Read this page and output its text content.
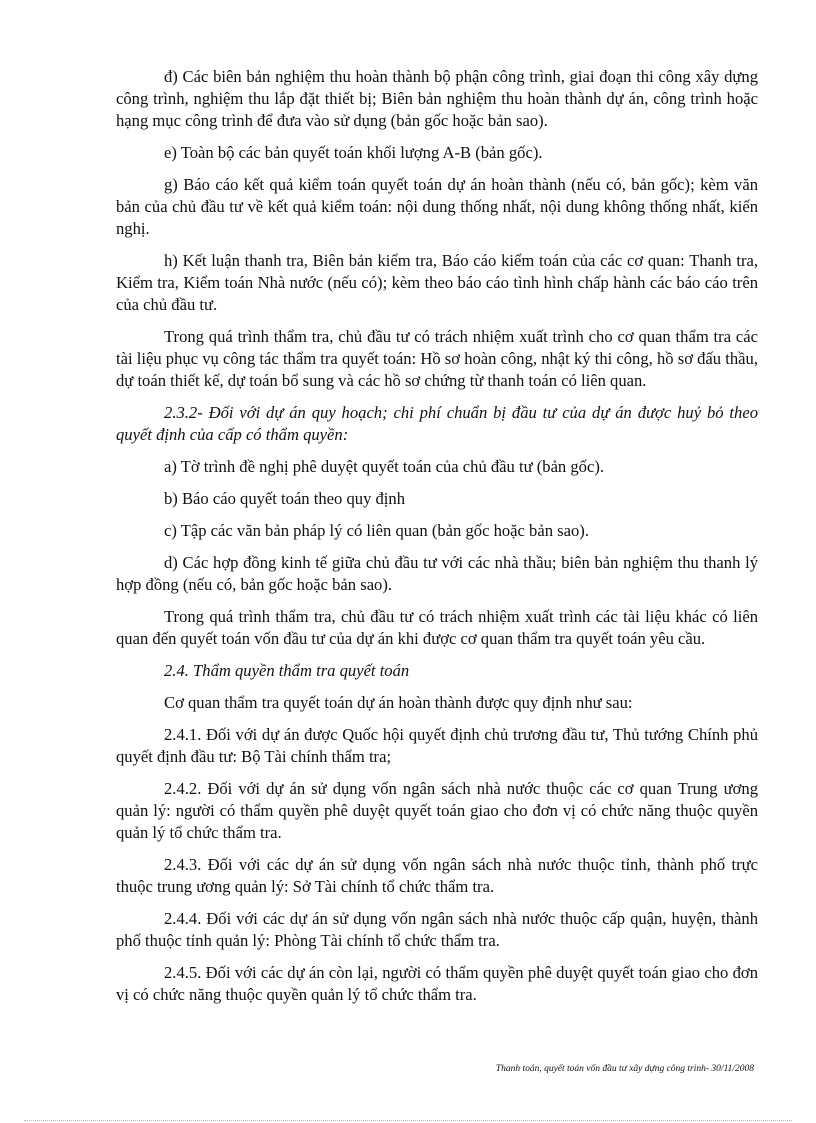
đ) Các biên bản nghiệm thu hoàn thành bộ phận công trình, giai đoạn thi công xây dựng công trình, nghiệm thu lắp đặt thiết bị; Biên bản nghiệm thu hoàn thành dự án, công trình hoặc hạng mục công trình để đưa vào sử dụng (bản gốc hoặc bản sao).

e) Toàn bộ các bản quyết toán khối lượng A-B (bản gốc).

g) Báo cáo kết quả kiểm toán quyết toán dự án hoàn thành (nếu có, bản gốc); kèm văn bản của chủ đầu tư về kết quả kiểm toán: nội dung thống nhất, nội dung không thống nhất, kiến nghị.

h) Kết luận thanh tra, Biên bản kiểm tra, Báo cáo kiểm toán của các cơ quan: Thanh tra, Kiểm tra, Kiểm toán Nhà nước (nếu có); kèm theo báo cáo tình hình chấp hành các báo cáo trên của chủ đầu tư.

Trong quá trình thẩm tra, chủ đầu tư có trách nhiệm xuất trình cho cơ quan thẩm tra các tài liệu phục vụ công tác thẩm tra quyết toán: Hồ sơ hoàn công, nhật ký thi công, hồ sơ đấu thầu, dự toán thiết kế, dự toán bổ sung và các hồ sơ chứng từ thanh toán có liên quan.

2.3.2- Đối với dự án quy hoạch; chi phí chuẩn bị đầu tư của dự án được huỷ bỏ theo quyết định của cấp có thẩm quyền:

a) Tờ trình đề nghị phê duyệt quyết toán của chủ đầu tư (bản gốc).

b) Báo cáo quyết toán theo quy định

c) Tập các văn bản pháp lý có liên quan (bản gốc hoặc bản sao).

d) Các hợp đồng kinh tế giữa chủ đầu tư với các nhà thầu; biên bản nghiệm thu thanh lý hợp đồng (nếu có, bản gốc hoặc bản sao).

Trong quá trình thẩm tra, chủ đầu tư có trách nhiệm xuất trình các tài liệu khác có liên quan đến quyết toán vốn đầu tư của dự án khi được cơ quan thẩm tra quyết toán yêu cầu.

2.4. Thẩm quyền thẩm tra quyết toán

Cơ quan thẩm tra quyết toán dự án hoàn thành được quy định như sau:

2.4.1. Đối với dự án được Quốc hội quyết định chủ trương đầu tư, Thủ tướng Chính phủ quyết định đầu tư: Bộ Tài chính thẩm tra;

2.4.2. Đối với dự án sử dụng vốn ngân sách nhà nước thuộc các cơ quan Trung ương quản lý: người có thẩm quyền phê duyệt quyết toán giao cho đơn vị có chức năng thuộc quyền quản lý tổ chức thẩm tra.

2.4.3. Đối với các dự án sử dụng vốn ngân sách nhà nước thuộc tỉnh, thành phố trực thuộc trung ương quản lý: Sở Tài chính tổ chức thẩm tra.

2.4.4. Đối với các dự án sử dụng vốn ngân sách nhà nước thuộc cấp quận, huyện, thành phố thuộc tỉnh quản lý: Phòng Tài chính tổ chức thẩm tra.

2.4.5. Đối với các dự án còn lại, người có thẩm quyền phê duyệt quyết toán giao cho đơn vị có chức năng thuộc quyền quản lý tổ chức thẩm tra.

Thanh toán, quyết toán vốn đầu tư xây dựng công trình- 30/11/2008
